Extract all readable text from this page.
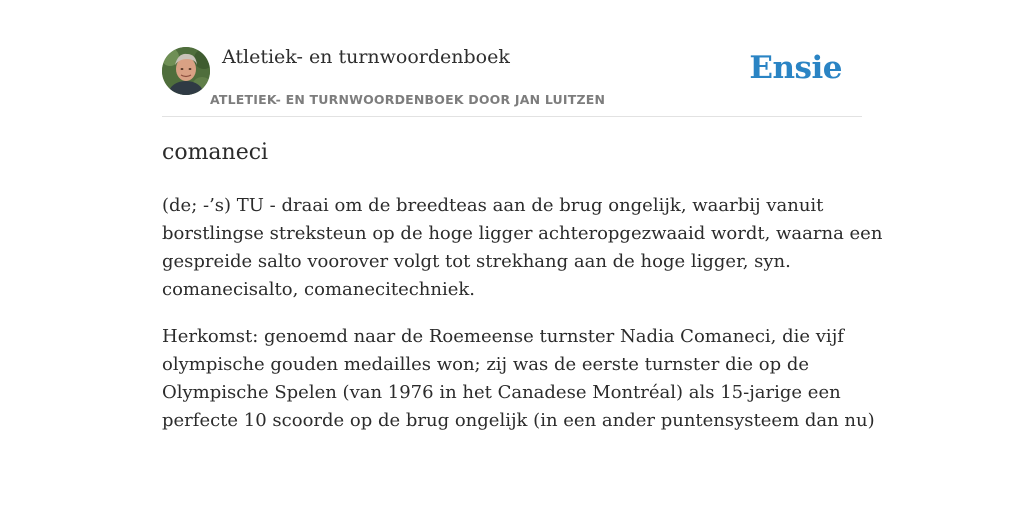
Atletiek- en turnwoordenboek
ATLETIEK- EN TURNWOORDENBOEK DOOR JAN LUITZEN
Ensie
comaneci

(de; -’s) TU - draai om de breedteas aan de brug ongelijk, waarbij vanuit
borstlingse streksteun op de hoge ligger achteropgezwaaid wordt, waarna een
gespreide salto voorover volgt tot strekhang aan de hoge ligger, syn.
comanecisalto, comanecitechniek.

Herkomst: genoemd naar de Roemeense turnster Nadia Comaneci, die vijf
olympische gouden medailles won; zij was de eerste turnster die op de
Olympische Spelen (van 1976 in het Canadese Montréal) als 15-jarige een
perfecte 10 scoorde op de brug ongelijk (in een ander puntensysteem dan nu)
